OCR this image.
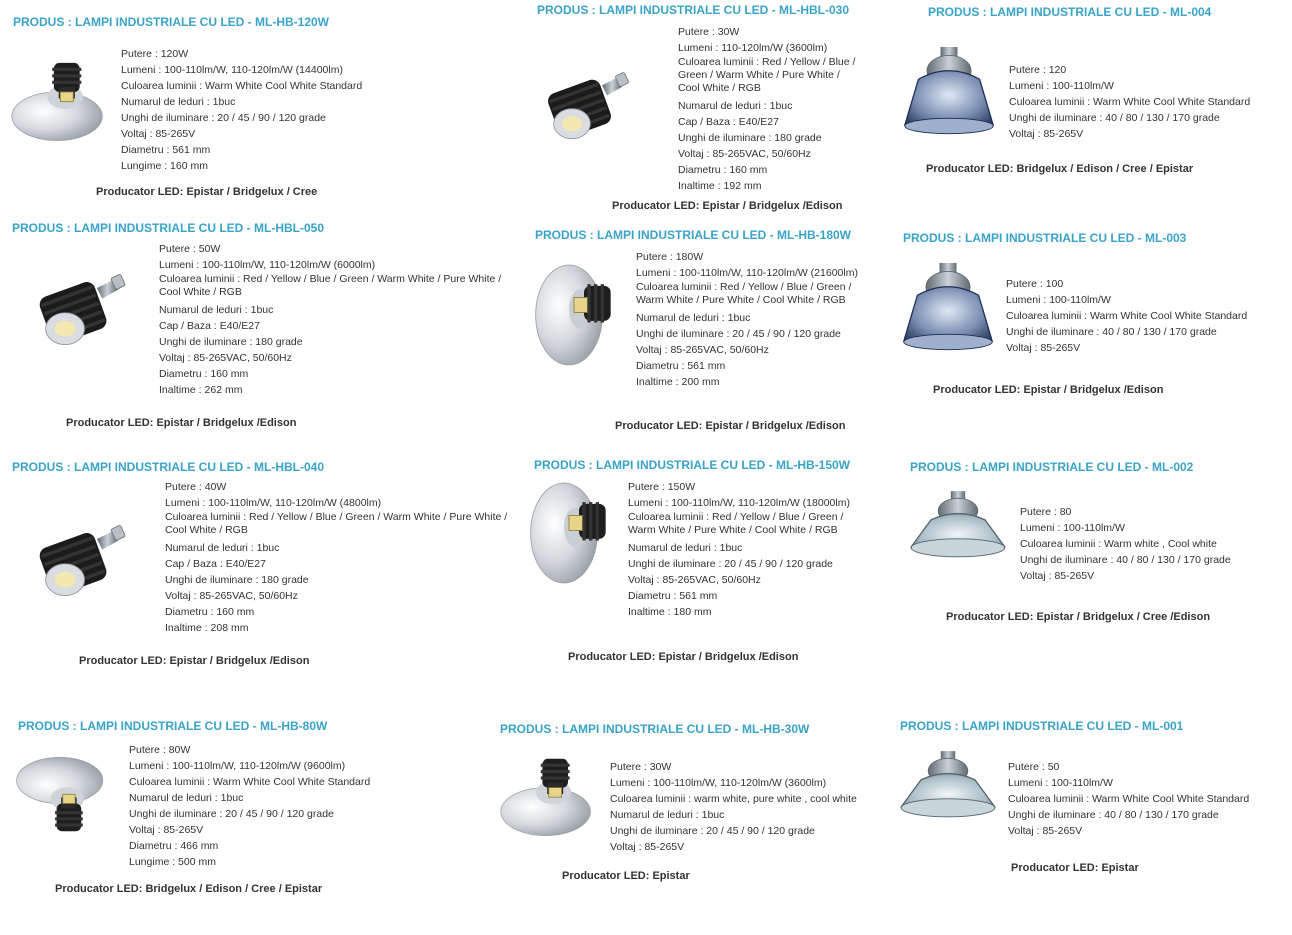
PRODUS : LAMPI INDUSTRIALE CU LED - ML-HB-120W
Putere : 120W
Lumeni : 100-110lm/W, 110-120lm/W (14400lm)
Culoarea luminii : Warm White Cool White Standard
Numarul de leduri : 1buc
Unghi de iluminare : 20 / 45 / 90 / 120 grade
Voltaj : 85-265V
Diametru : 561 mm
Lungime : 160 mm
Producator LED: Epistar / Bridgelux / Cree
PRODUS : LAMPI INDUSTRIALE CU LED - ML-HBL-030
Putere : 30W
Lumeni : 110-120lm/W (3600lm)
Culoarea luminii : Red / Yellow / Blue / Green / Warm White / Pure White / Cool White / RGB
Numarul de leduri : 1buc
Cap / Baza : E40/E27
Unghi de iluminare : 180 grade
Voltaj : 85-265VAC, 50/60Hz
Diametru : 160 mm
Inaltime : 192 mm
Producator LED: Epistar / Bridgelux /Edison
PRODUS : LAMPI INDUSTRIALE CU LED - ML-004
Putere : 120
Lumeni : 100-110lm/W
Culoarea luminii : Warm White Cool White Standard
Unghi de iluminare : 40 / 80 / 130 / 170 grade
Voltaj : 85-265V
Producator LED: Bridgelux / Edison / Cree / Epistar
PRODUS : LAMPI INDUSTRIALE CU LED - ML-HBL-050
Putere : 50W
Lumeni : 100-110lm/W, 110-120lm/W (6000lm)
Culoarea luminii : Red / Yellow / Blue / Green / Warm White / Pure White / Cool White / RGB
Numarul de leduri : 1buc
Cap / Baza : E40/E27
Unghi de iluminare : 180 grade
Voltaj : 85-265VAC, 50/60Hz
Diametru : 160 mm
Inaltime : 262 mm
Producator LED: Epistar / Bridgelux /Edison
PRODUS : LAMPI INDUSTRIALE CU LED - ML-HB-180W
Putere : 180W
Lumeni : 100-110lm/W, 110-120lm/W (21600lm)
Culoarea luminii : Red / Yellow / Blue / Green / Warm White / Pure White / Cool White / RGB
Numarul de leduri : 1buc
Unghi de iluminare : 20 / 45 / 90 / 120 grade
Voltaj : 85-265VAC, 50/60Hz
Diametru : 561 mm
Inaltime : 200 mm
Producator LED: Epistar / Bridgelux /Edison
PRODUS : LAMPI INDUSTRIALE CU LED - ML-003
Putere : 100
Lumeni : 100-110lm/W
Culoarea luminii : Warm White Cool White Standard
Unghi de iluminare : 40 / 80 / 130 / 170 grade
Voltaj : 85-265V
Producator LED: Epistar / Bridgelux /Edison
PRODUS : LAMPI INDUSTRIALE CU LED - ML-HBL-040
Putere : 40W
Lumeni : 100-110lm/W, 110-120lm/W (4800lm)
Culoarea luminii : Red / Yellow / Blue / Green / Warm White / Pure White / Cool White / RGB
Numarul de leduri : 1buc
Cap / Baza : E40/E27
Unghi de iluminare : 180 grade
Voltaj : 85-265VAC, 50/60Hz
Diametru : 160 mm
Inaltime : 208 mm
Producator LED: Epistar / Bridgelux /Edison
PRODUS : LAMPI INDUSTRIALE CU LED - ML-HB-150W
Putere : 150W
Lumeni : 100-110lm/W, 110-120lm/W (18000lm)
Culoarea luminii : Red / Yellow / Blue / Green / Warm White / Pure White / Cool White / RGB
Numarul de leduri : 1buc
Unghi de iluminare : 20 / 45 / 90 / 120 grade
Voltaj : 85-265VAC, 50/60Hz
Diametru : 561 mm
Inaltime : 180 mm
Producator LED: Epistar / Bridgelux /Edison
PRODUS : LAMPI INDUSTRIALE CU LED - ML-002
Putere : 80
Lumeni : 100-110lm/W
Culoarea luminii : Warm white , Cool white
Unghi de iluminare : 40 / 80 / 130 / 170 grade
Voltaj : 85-265V
Producator LED: Epistar / Bridgelux / Cree /Edison
PRODUS : LAMPI INDUSTRIALE CU LED - ML-HB-80W
Putere : 80W
Lumeni : 100-110lm/W, 110-120lm/W (9600lm)
Culoarea luminii : Warm White Cool White Standard
Numarul de leduri : 1buc
Unghi de iluminare : 20 / 45 / 90 / 120 grade
Voltaj : 85-265V
Diametru : 466 mm
Lungime : 500 mm
Producator LED: Bridgelux / Edison / Cree / Epistar
PRODUS : LAMPI INDUSTRIALE CU LED - ML-HB-30W
Putere : 30W
Lumeni : 100-110lm/W, 110-120lm/W (3600lm)
Culoarea luminii : warm white, pure white , cool white
Numarul de leduri : 1buc
Unghi de iluminare : 20 / 45 / 90 / 120 grade
Voltaj : 85-265V
Producator LED: Epistar
PRODUS : LAMPI INDUSTRIALE CU LED - ML-001
Putere : 50
Lumeni : 100-110lm/W
Culoarea luminii : Warm White Cool White Standard
Unghi de iluminare : 40 / 80 / 130 / 170 grade
Voltaj : 85-265V
Producator LED: Epistar
